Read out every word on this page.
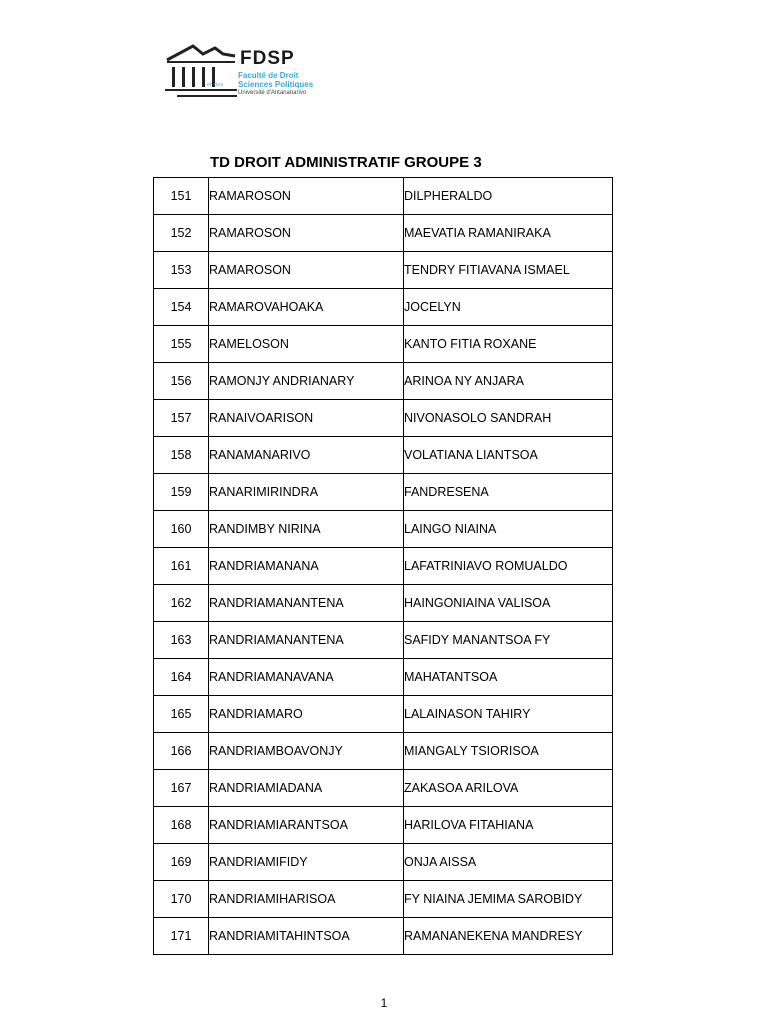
FDSP
Faculté de Droit
et des Sciences Politiques
Université d'Antananarivo
TD DROIT ADMINISTRATIF GROUPE 3
151	RAMAROSON	DILPHERALDO
152	RAMAROSON	MAEVATIA RAMANIRAKA
153	RAMAROSON	TENDRY FITIAVANA ISMAEL
154	RAMAROVAHOAKA	JOCELYN
155	RAMELOSON	KANTO FITIA ROXANE
156	RAMONJY ANDRIANARY	ARINOA NY ANJARA
157	RANAIVOARISON	NIVONASOLO SANDRAH
158	RANAMANARIVO	VOLATIANA LIANTSOA
159	RANARIMIRINDRA	FANDRESENA
160	RANDIMBY NIRINA	LAINGO NIAINA
161	RANDRIAMANANA	LAFATRINIAVO ROMUALDO
162	RANDRIAMANANTENA	HAINGONIAINA VALISOA
163	RANDRIAMANANTENA	SAFIDY MANANTSOA FY
164	RANDRIAMANAVANA	MAHATANTSOA
165	RANDRIAMARO	LALAINASON TAHIRY
166	RANDRIAMBOAVONJY	MIANGALY TSIORISOA
167	RANDRIAMIADANA	ZAKASOA ARILOVA
168	RANDRIAMIARANTSOA	HARILOVA FITAHIANA
169	RANDRIAMIFIDY	ONJA AISSA
170	RANDRIAMIHARISOA	FY NIAINA JEMIMA SAROBIDY
171	RANDRIAMITAHINTSOA	RAMANANEKENA MANDRESY
1
